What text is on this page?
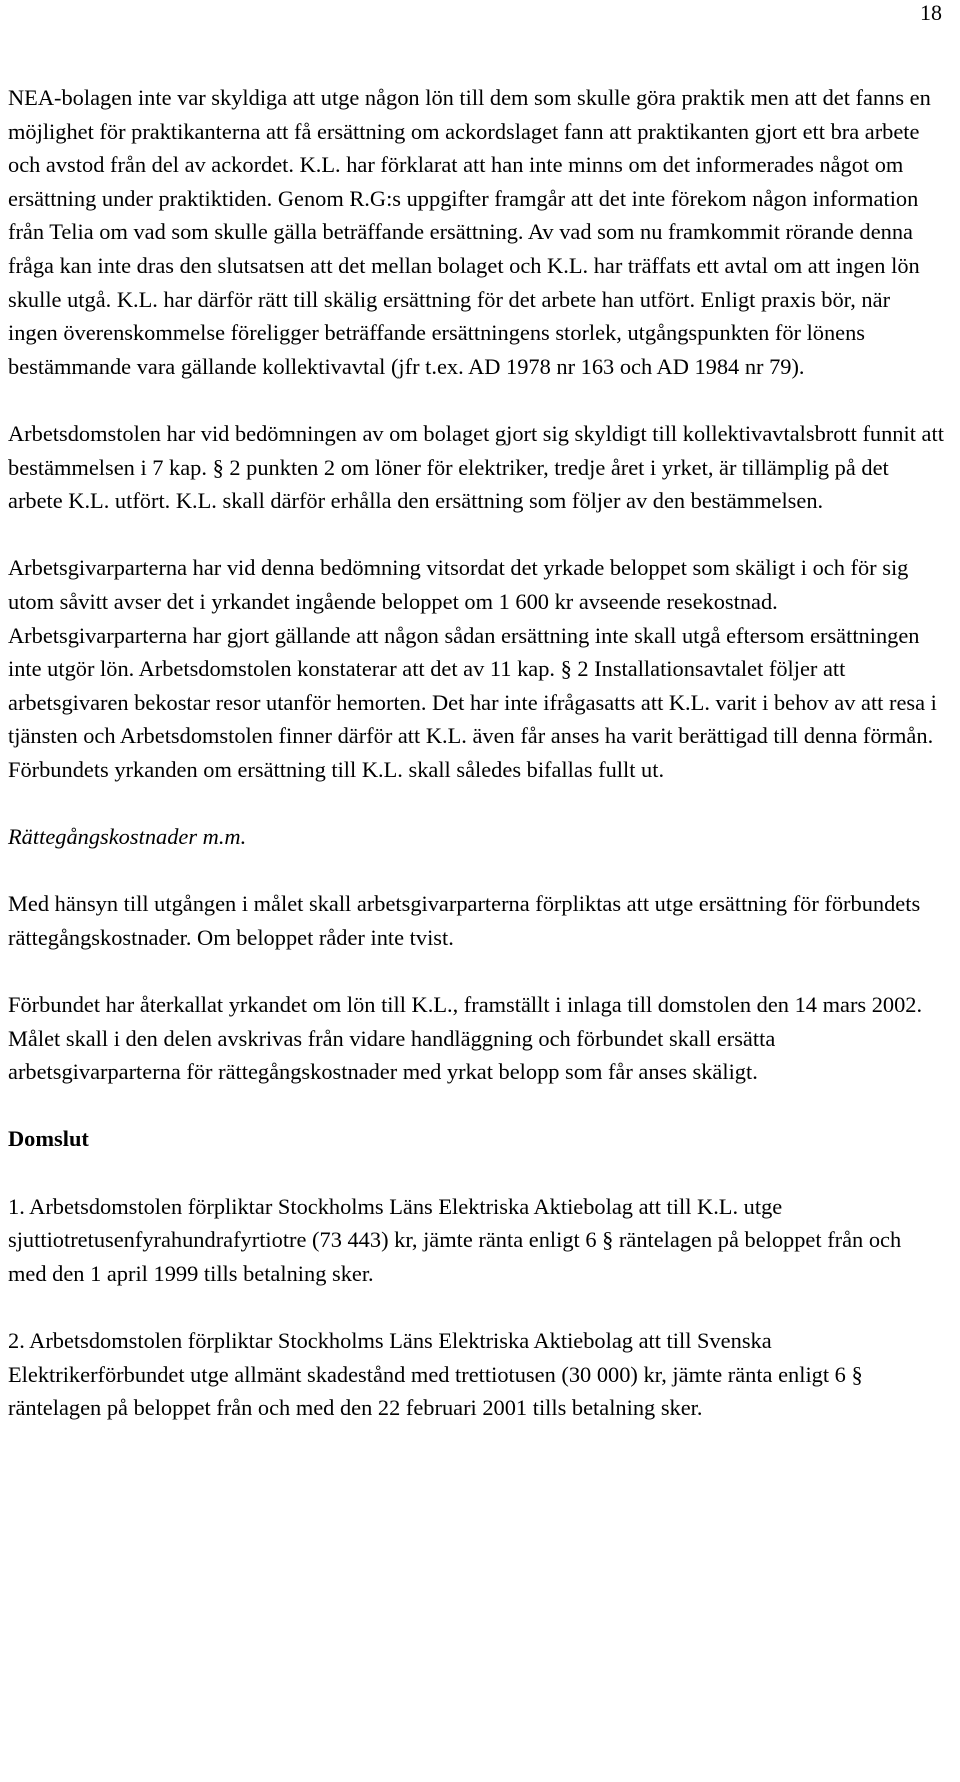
18

NEA-bolagen inte var skyldiga att utge någon lön till dem som skulle göra praktik men att det fanns en möjlighet för praktikanterna att få ersättning om ackordslaget fann att praktikanten gjort ett bra arbete och avstod från del av ackordet. K.L. har förklarat att han inte minns om det informerades något om ersättning under praktiktiden. Genom R.G:s uppgifter framgår att det inte förekom någon information från Telia om vad som skulle gälla beträffande ersättning. Av vad som nu framkommit rörande denna fråga kan inte dras den slutsatsen att det mellan bolaget och K.L. har träffats ett avtal om att ingen lön skulle utgå. K.L. har därför rätt till skälig ersättning för det arbete han utfört. Enligt praxis bör, när ingen överenskommelse föreligger beträffande ersättningens storlek, utgångspunkten för lönens bestämmande vara gällande kollektivavtal (jfr t.ex. AD 1978 nr 163 och AD 1984 nr 79).

Arbetsdomstolen har vid bedömningen av om bolaget gjort sig skyldigt till kollektivavtalsbrott funnit att bestämmelsen i 7 kap. § 2 punkten 2 om löner för elektriker, tredje året i yrket, är tillämplig på det arbete K.L. utfört. K.L. skall därför erhålla den ersättning som följer av den bestämmelsen.

Arbetsgivarparterna har vid denna bedömning vitsordat det yrkade beloppet som skäligt i och för sig utom såvitt avser det i yrkandet ingående beloppet om 1 600 kr avseende resekostnad. Arbetsgivarparterna har gjort gällande att någon sådan ersättning inte skall utgå eftersom ersättningen inte utgör lön. Arbetsdomstolen konstaterar att det av 11 kap. § 2 Installationsavtalet följer att arbetsgivaren bekostar resor utanför hemorten. Det har inte ifrågasatts att K.L. varit i behov av att resa i tjänsten och Arbetsdomstolen finner därför att K.L. även får anses ha varit berättigad till denna förmån. Förbundets yrkanden om ersättning till K.L. skall således bifallas fullt ut.

Rättegångskostnader m.m.

Med hänsyn till utgången i målet skall arbetsgivarparterna förpliktas att utge ersättning för förbundets rättegångskostnader. Om beloppet råder inte tvist.

Förbundet har återkallat yrkandet om lön till K.L., framställt i inlaga till domstolen den 14 mars 2002. Målet skall i den delen avskrivas från vidare handläggning och förbundet skall ersätta arbetsgivarparterna för rättegångskostnader med yrkat belopp som får anses skäligt.

Domslut

1. Arbetsdomstolen förpliktar Stockholms Läns Elektriska Aktiebolag att till K.L. utge sjuttiotretusenfyrahundrafyrtiotre (73 443) kr, jämte ränta enligt 6 § räntelagen på beloppet från och med den 1 april 1999 tills betalning sker.

2. Arbetsdomstolen förpliktar Stockholms Läns Elektriska Aktiebolag att till Svenska Elektrikerförbundet utge allmänt skadestånd med trettiotusen (30 000) kr, jämte ränta enligt 6 § räntelagen på beloppet från och med den 22 februari 2001 tills betalning sker.
